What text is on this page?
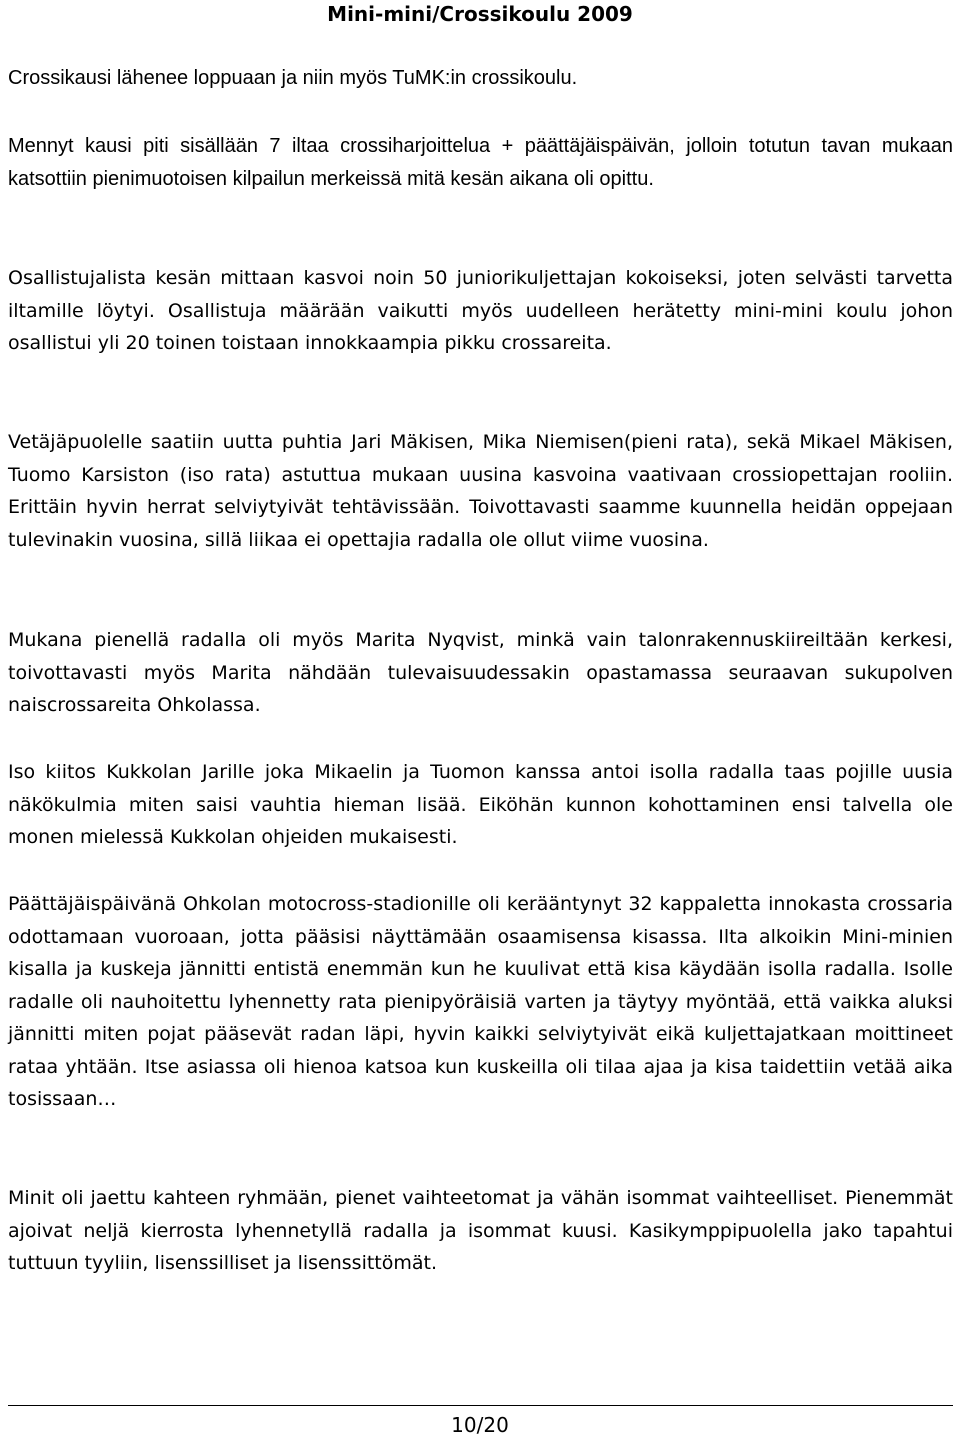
Mini-mini/Crossikoulu 2009

Crossikausi lähenee loppuaan ja niin myös TuMK:in crossikoulu.

Mennyt kausi piti sisällään 7 iltaa crossiharjoittelua + päättäjäispäivän, jolloin totutun tavan mukaan katsottiin pienimuotoisen kilpailun merkeissä mitä kesän aikana oli opittu.

Osallistujalista kesän mittaan kasvoi noin 50 juniorikuljettajan kokoiseksi, joten selvästi tarvetta iltamille löytyi. Osallistuja määrään vaikutti myös uudelleen herätetty mini-mini koulu johon osallistui yli 20 toinen toistaan innokkaampia pikku crossareita.

Vetäjäpuolelle saatiin uutta puhtia Jari Mäkisen, Mika Niemisen(pieni rata), sekä Mikael Mäkisen, Tuomo Karsiston (iso rata) astuttua mukaan uusina kasvoina vaativaan crossiopettajan rooliin. Erittäin hyvin herrat selviytyivät tehtävissään. Toivottavasti saamme kuunnella heidän oppejaan tulevinakin vuosina, sillä liikaa ei opettajia radalla ole ollut viime vuosina.

Mukana pienellä radalla oli myös Marita Nyqvist, minkä vain talonrakennuskiireiltään kerkesi, toivottavasti myös Marita nähdään tulevaisuudessakin opastamassa seuraavan sukupolven naiscrossareita Ohkolassa.

Iso kiitos Kukkolan Jarille joka Mikaelin ja Tuomon kanssa antoi isolla radalla taas pojille uusia näkökulmia miten saisi vauhtia hieman lisää. Eiköhän kunnon kohottaminen ensi talvella ole monen mielessä Kukkolan ohjeiden mukaisesti.

Päättäjäispäivänä Ohkolan motocross-stadionille oli kerääntynyt 32 kappaletta innokasta crossaria odottamaan vuoroaan, jotta pääsisi näyttämään osaamisensa kisassa. Ilta alkoikin Mini-minien kisalla ja kuskeja jännitti entistä enemmän kun he kuulivat että kisa käydään isolla radalla. Isolle radalle oli nauhoitettu lyhennetty rata pienipyöräisiä varten ja täytyy myöntää, että vaikka aluksi jännitti miten pojat pääsevät radan läpi, hyvin kaikki selviytyivät eikä kuljettajatkaan moittineet rataa yhtään. Itse asiassa oli hienoa katsoa kun kuskeilla oli tilaa ajaa ja kisa taidettiin vetää aika tosissaan…

Minit oli jaettu kahteen ryhmään, pienet vaihteetomat ja vähän isommat vaihteelliset. Pienemmät ajoivat neljä kierrosta lyhennetyllä radalla ja isommat kuusi. Kasikymppipuolella jako tapahtui tuttuun tyyliin, lisenssilliset ja lisenssittömät.

10/20
